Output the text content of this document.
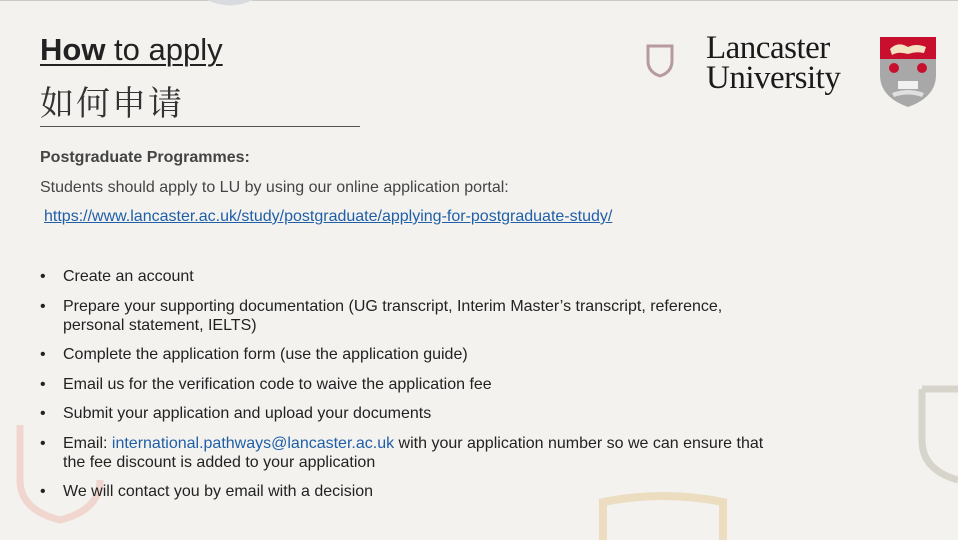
How to apply
如何申请
Lancaster
University
Postgraduate Programmes:
Students should apply to LU by using our online application portal:
https://www.lancaster.ac.uk/study/postgraduate/applying-for-postgraduate-study/
• Create an account
• Prepare your supporting documentation (UG transcript, Interim Master’s transcript, reference, personal statement, IELTS)
• Complete the application form (use the application guide)
• Email us for the verification code to waive the application fee
• Submit your application and upload your documents
• Email: international.pathways@lancaster.ac.uk with your application number so we can ensure that the fee discount is added to your application
• We will contact you by email with a decision
